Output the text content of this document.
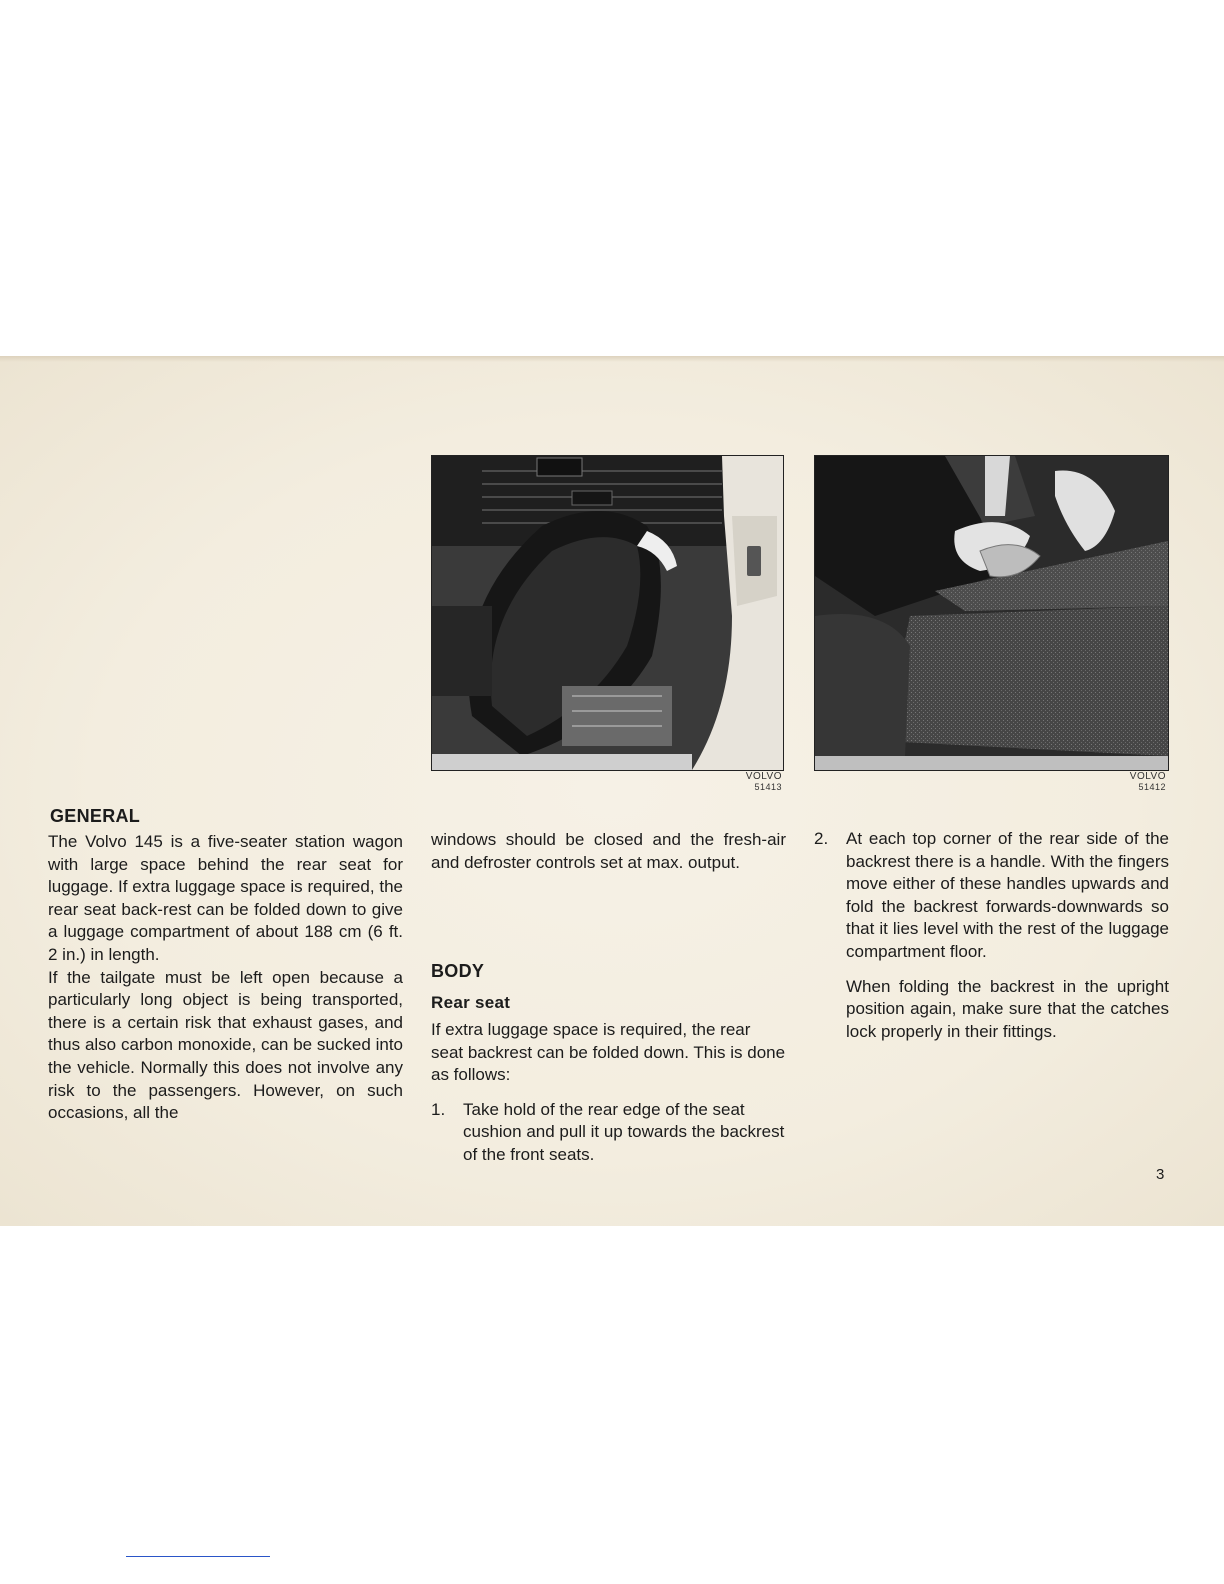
VOLVO
51413
VOLVO
51412
GENERAL

The Volvo 145 is a five-seater station wagon with large space behind the rear seat for luggage. If extra luggage space is required, the rear seat back-rest can be folded down to give a luggage compartment of about 188 cm (6 ft. 2 in.) in length.

If the tailgate must be left open because a particularly long object is being transported, there is a certain risk that exhaust gases, and thus also carbon monoxide, can be sucked into the vehicle. Normally this does not involve any risk to the passengers. However, on such occasions, all the

windows should be closed and the fresh-air and defroster controls set at max. output.

BODY
Rear seat

If extra luggage space is required, the rear seat backrest can be folded down. This is done as follows:

1. Take hold of the rear edge of the seat cushion and pull it up towards the backrest of the front seats.
2. At each top corner of the rear side of the backrest there is a handle. With the fingers move either of these handles upwards and fold the backrest forwards-downwards so that it lies level with the rest of the luggage compartment floor.

When folding the backrest in the upright position again, make sure that the catches lock properly in their fittings.

3
